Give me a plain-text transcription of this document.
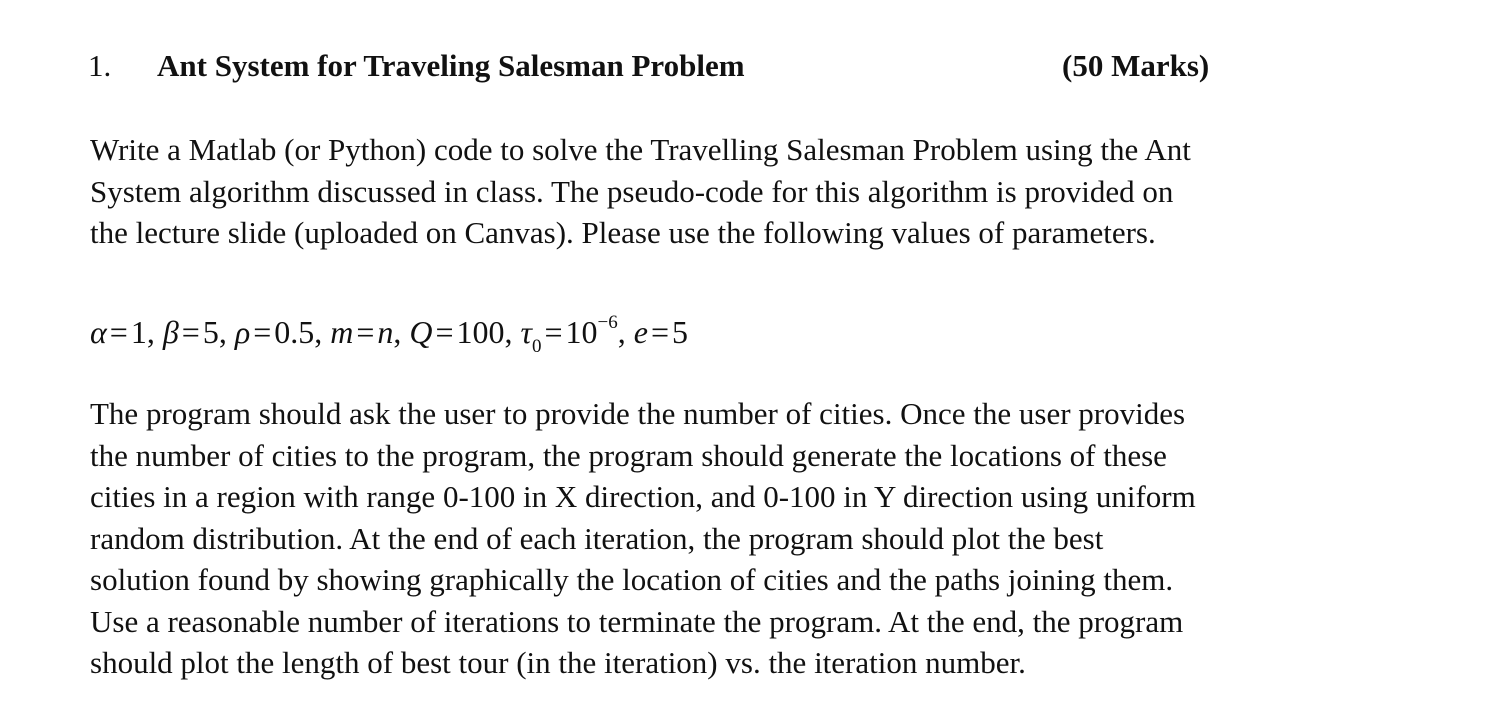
1. Ant System for Traveling Salesman Problem	(50 Marks)

Write a Matlab (or Python) code to solve the Travelling Salesman Problem using the Ant
System algorithm discussed in class. The pseudo-code for this algorithm is provided on
the lecture slide (uploaded on Canvas). Please use the following values of parameters.

α=1, β=5, ρ=0.5, m=n, Q=100, $\tau_0=10^{-6}$, e=5

The program should ask the user to provide the number of cities. Once the user provides
the number of cities to the program, the program should generate the locations of these
cities in a region with range 0-100 in X direction, and 0-100 in Y direction using uniform
random distribution. At the end of each iteration, the program should plot the best
solution found by showing graphically the location of cities and the paths joining them.
Use a reasonable number of iterations to terminate the program. At the end, the program
should plot the length of best tour (in the iteration) vs. the iteration number.
